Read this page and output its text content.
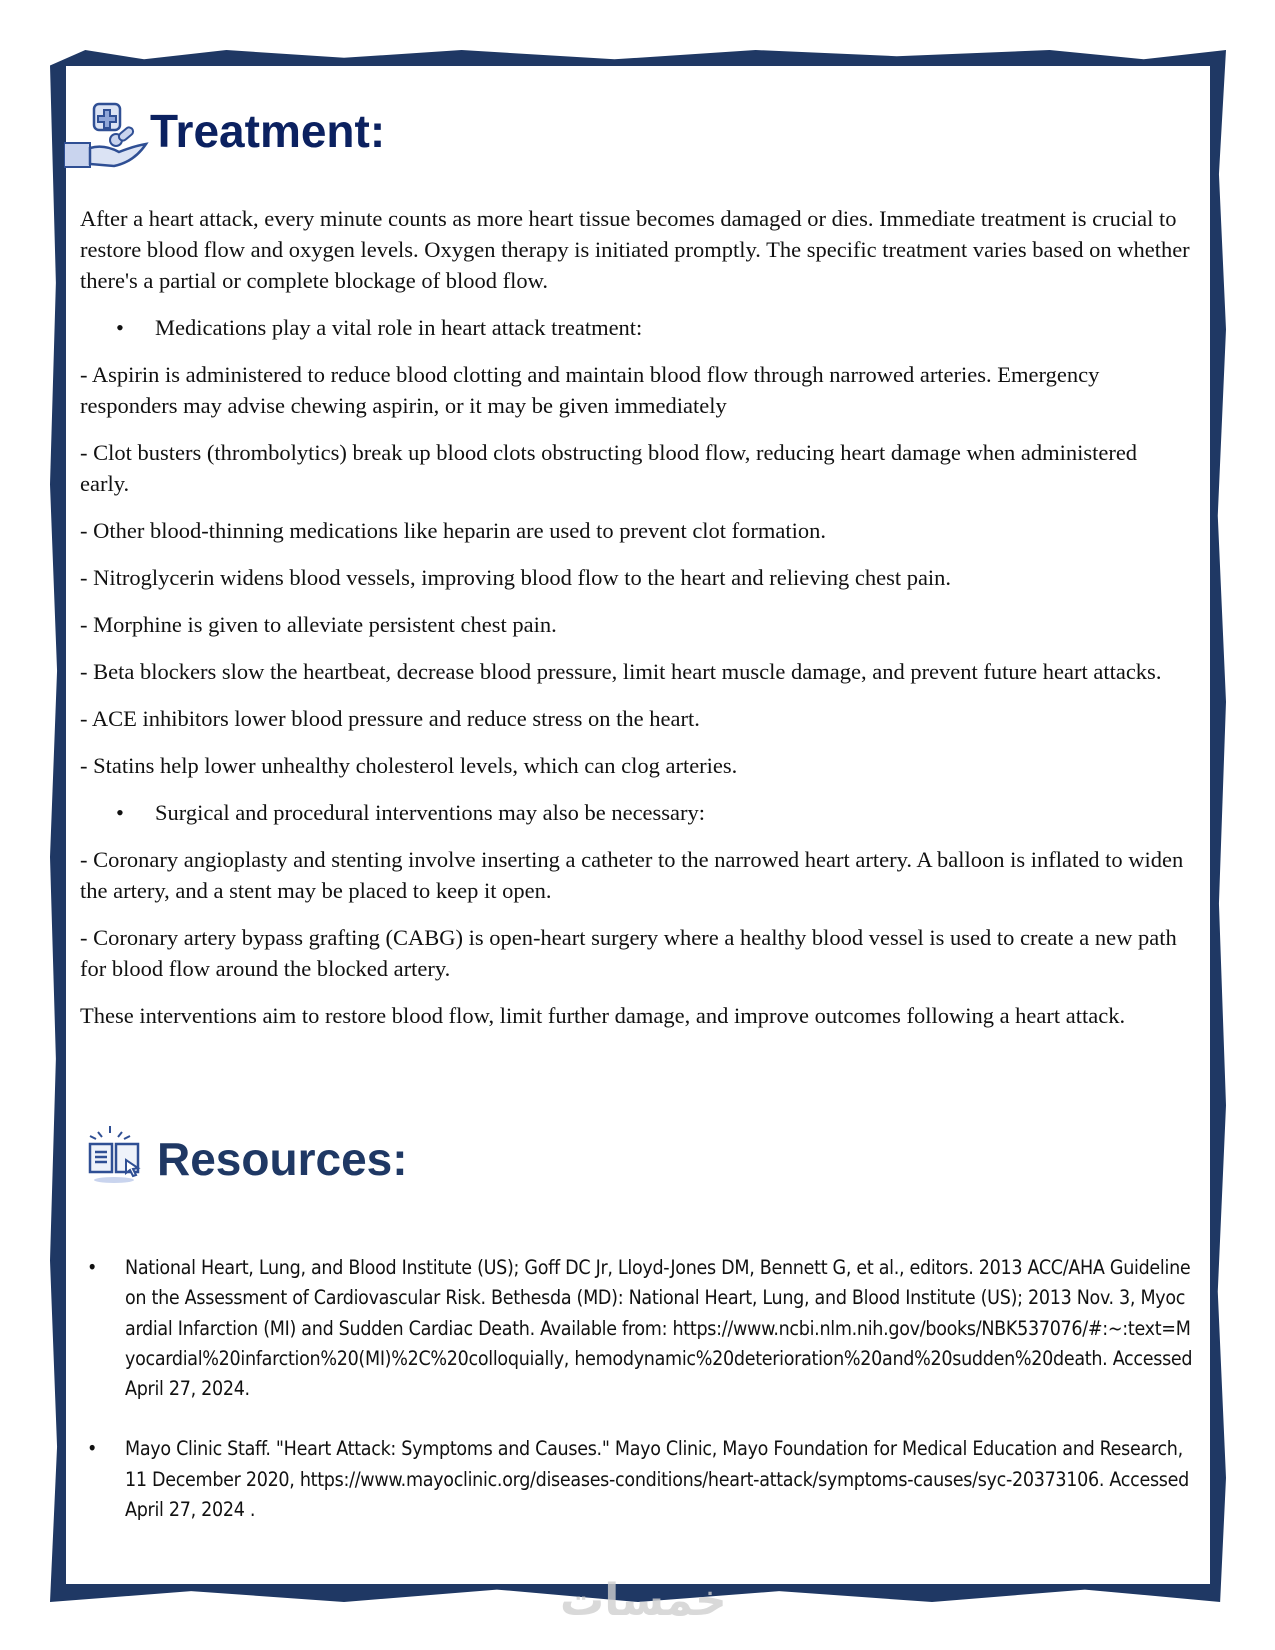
Treatment:

After a heart attack, every minute counts as more heart tissue becomes damaged or dies. Immediate treatment is crucial to restore blood flow and oxygen levels. Oxygen therapy is initiated promptly. The specific treatment varies based on whether there's a partial or complete blockage of blood flow.

• Medications play a vital role in heart attack treatment:

- Aspirin is administered to reduce blood clotting and maintain blood flow through narrowed arteries. Emergency responders may advise chewing aspirin, or it may be given immediately

- Clot busters (thrombolytics) break up blood clots obstructing blood flow, reducing heart damage when administered early.

- Other blood-thinning medications like heparin are used to prevent clot formation.

- Nitroglycerin widens blood vessels, improving blood flow to the heart and relieving chest pain.

- Morphine is given to alleviate persistent chest pain.

- Beta blockers slow the heartbeat, decrease blood pressure, limit heart muscle damage, and prevent future heart attacks.

- ACE inhibitors lower blood pressure and reduce stress on the heart.

- Statins help lower unhealthy cholesterol levels, which can clog arteries.

• Surgical and procedural interventions may also be necessary:

- Coronary angioplasty and stenting involve inserting a catheter to the narrowed heart artery. A balloon is inflated to widen the artery, and a stent may be placed to keep it open.

- Coronary artery bypass grafting (CABG) is open-heart surgery where a healthy blood vessel is used to create a new path for blood flow around the blocked artery.

These interventions aim to restore blood flow, limit further damage, and improve outcomes following a heart attack.

Resources:
• National Heart, Lung, and Blood Institute (US); Goff DC Jr, Lloyd-Jones DM, Bennett G, et al., editors. 2013 ACC/AHA Guideline on the Assessment of Cardiovascular Risk. Bethesda (MD): National Heart, Lung, and Blood Institute (US); 2013 Nov. 3, Myocardial Infarction (MI) and Sudden Cardiac Death. Available from: https://www.ncbi.nlm.nih.gov/books/NBK537076/#:~:text=Myocardial%20infarction%20(MI)%2C%20colloquially, hemodynamic%20deterioration%20and%20sudden%20death. Accessed April 27, 2024.
• Mayo Clinic Staff. "Heart Attack: Symptoms and Causes." Mayo Clinic, Mayo Foundation for Medical Education and Research, 11 December 2020, https://www.mayoclinic.org/diseases-conditions/heart-attack/symptoms-causes/syc-20373106. Accessed April 27, 2024 .
خمسات
